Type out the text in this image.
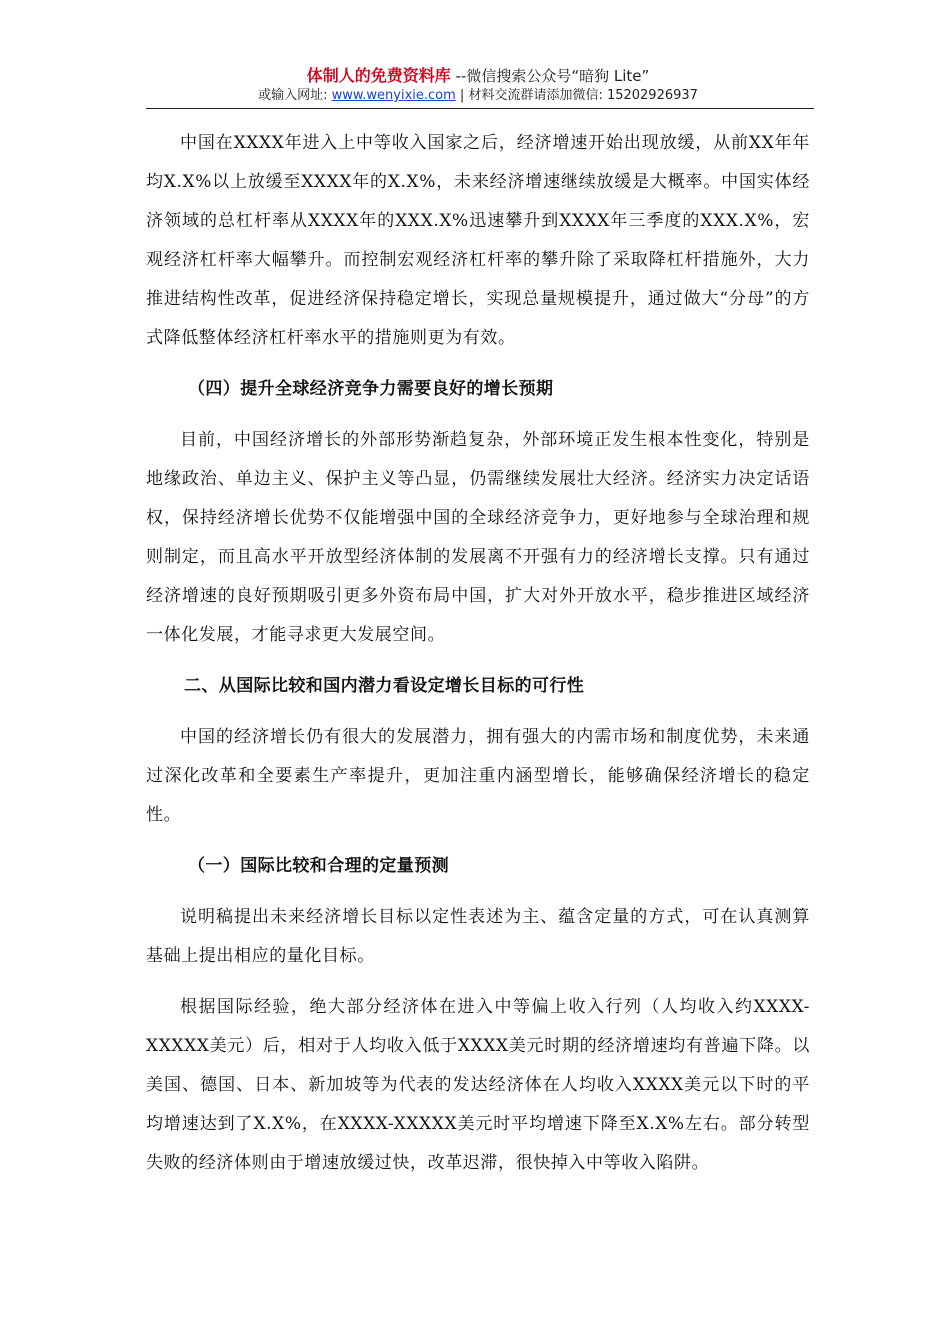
体制人的免费资料库 --微信搜索公众号“暗狗 Lite”
或输入网址: www.wenyixie.com | 材料交流群请添加微信: 15202926937

中国在XXXX年进入上中等收入国家之后，经济增速开始出现放缓，从前XX年年均X.X%以上放缓至XXXX年的X.X%，未来经济增速继续放缓是大概率。中国实体经济领域的总杠杆率从XXXX年的XXX.X%迅速攀升到XXXX年三季度的XXX.X%，宏观经济杠杆率大幅攀升。而控制宏观经济杠杆率的攀升除了采取降杠杆措施外，大力推进结构性改革，促进经济保持稳定增长，实现总量规模提升，通过做大“分母”的方式降低整体经济杠杆率水平的措施则更为有效。

（四）提升全球经济竞争力需要良好的增长预期

目前，中国经济增长的外部形势渐趋复杂，外部环境正发生根本性变化，特别是地缘政治、单边主义、保护主义等凸显，仍需继续发展壮大经济。经济实力决定话语权，保持经济增长优势不仅能增强中国的全球经济竞争力，更好地参与全球治理和规则制定，而且高水平开放型经济体制的发展离不开强有力的经济增长支撑。只有通过经济增速的良好预期吸引更多外资布局中国，扩大对外开放水平，稳步推进区域经济一体化发展，才能寻求更大发展空间。

二、从国际比较和国内潜力看设定增长目标的可行性

中国的经济增长仍有很大的发展潜力，拥有强大的内需市场和制度优势，未来通过深化改革和全要素生产率提升，更加注重内涵型增长，能够确保经济增长的稳定性。

（一）国际比较和合理的定量预测

说明稿提出未来经济增长目标以定性表述为主、蕴含定量的方式，可在认真测算基础上提出相应的量化目标。

根据国际经验，绝大部分经济体在进入中等偏上收入行列（人均收入约XXXX-XXXXX美元）后，相对于人均收入低于XXXX美元时期的经济增速均有普遍下降。以美国、德国、日本、新加坡等为代表的发达经济体在人均收入XXXX美元以下时的平均增速达到了X.X%，在XXXX-XXXXX美元时平均增速下降至X.X%左右。部分转型失败的经济体则由于增速放缓过快，改革迟滞，很快掉入中等收入陷阱。
